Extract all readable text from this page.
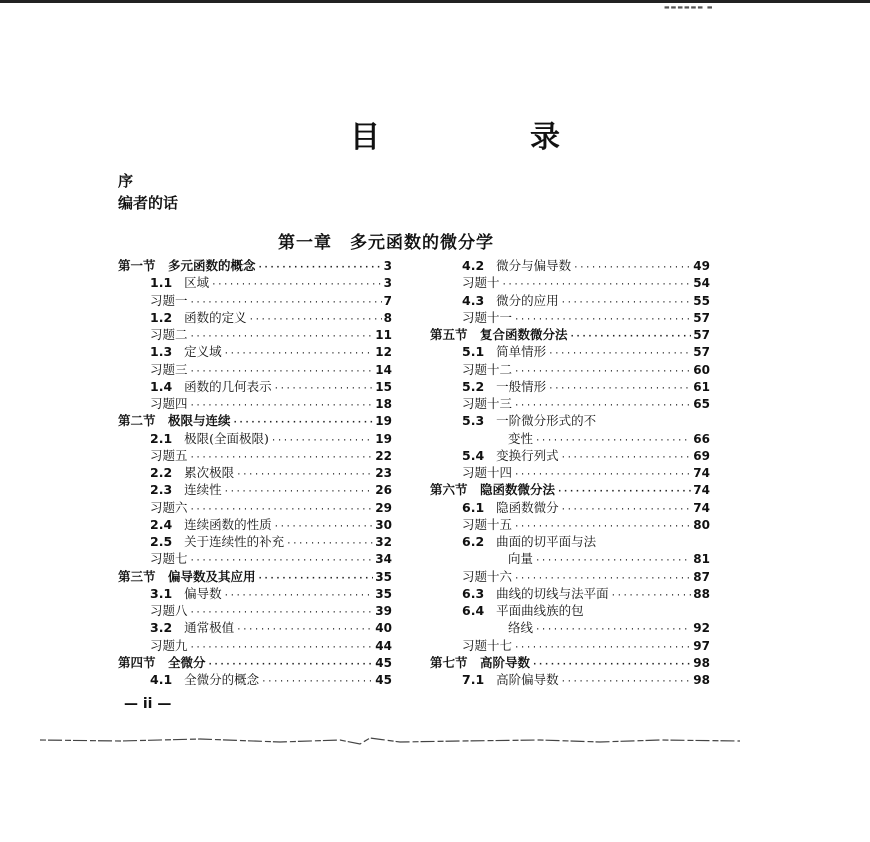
▬▬▬▬▬▬ ▬
目　录
序
编者的话
第一章　多元函数的微分学
第一节　多元函数的概念 ·····	3
1.1 区域 ·····	3
习题一 ·····	7
1.2 函数的定义 ·····	8
习题二 ·····	11
1.3 定义域 ·····	12
习题三 ·····	14
1.4 函数的几何表示 ·····	15
习题四 ·····	18
第二节　极限与连续 ·····	19
2.1 极限(全面极限) ·····	19
习题五 ·····	22
2.2 累次极限 ·····	23
2.3 连续性 ·····	26
习题六 ·····	29
2.4 连续函数的性质 ·····	30
2.5 关于连续性的补充 ·····	32
习题七 ·····	34
第三节　偏导数及其应用 ·····	35
3.1 偏导数 ·····	35
习题八 ·····	39
3.2 通常极值 ·····	40
习题九 ·····	44
第四节　全微分 ·····	45
4.1 全微分的概念 ·····	45
4.2 微分与偏导数 ·····	49
习题十 ·····	54
4.3 微分的应用 ·····	55
习题十一 ·····	57
第五节　复合函数微分法 ·····	57
5.1 简单情形 ·····	57
习题十二 ·····	60
5.2 一般情形 ·····	61
习题十三 ·····	65
5.3 一阶微分形式的不
变性 ·····	66
5.4 变换行列式 ·····	69
习题十四 ·····	74
第六节　隐函数微分法 ·····	74
6.1 隐函数微分 ·····	74
习题十五 ·····	80
6.2 曲面的切平面与法
向量 ·····	81
习题十六 ·····	87
6.3 曲线的切线与法平面 ·····	88
6.4 平面曲线族的包
络线 ·····	92
习题十七 ·····	97
第七节　高阶导数 ·····	98
7.1 高阶偏导数 ·····	98
— ii —
